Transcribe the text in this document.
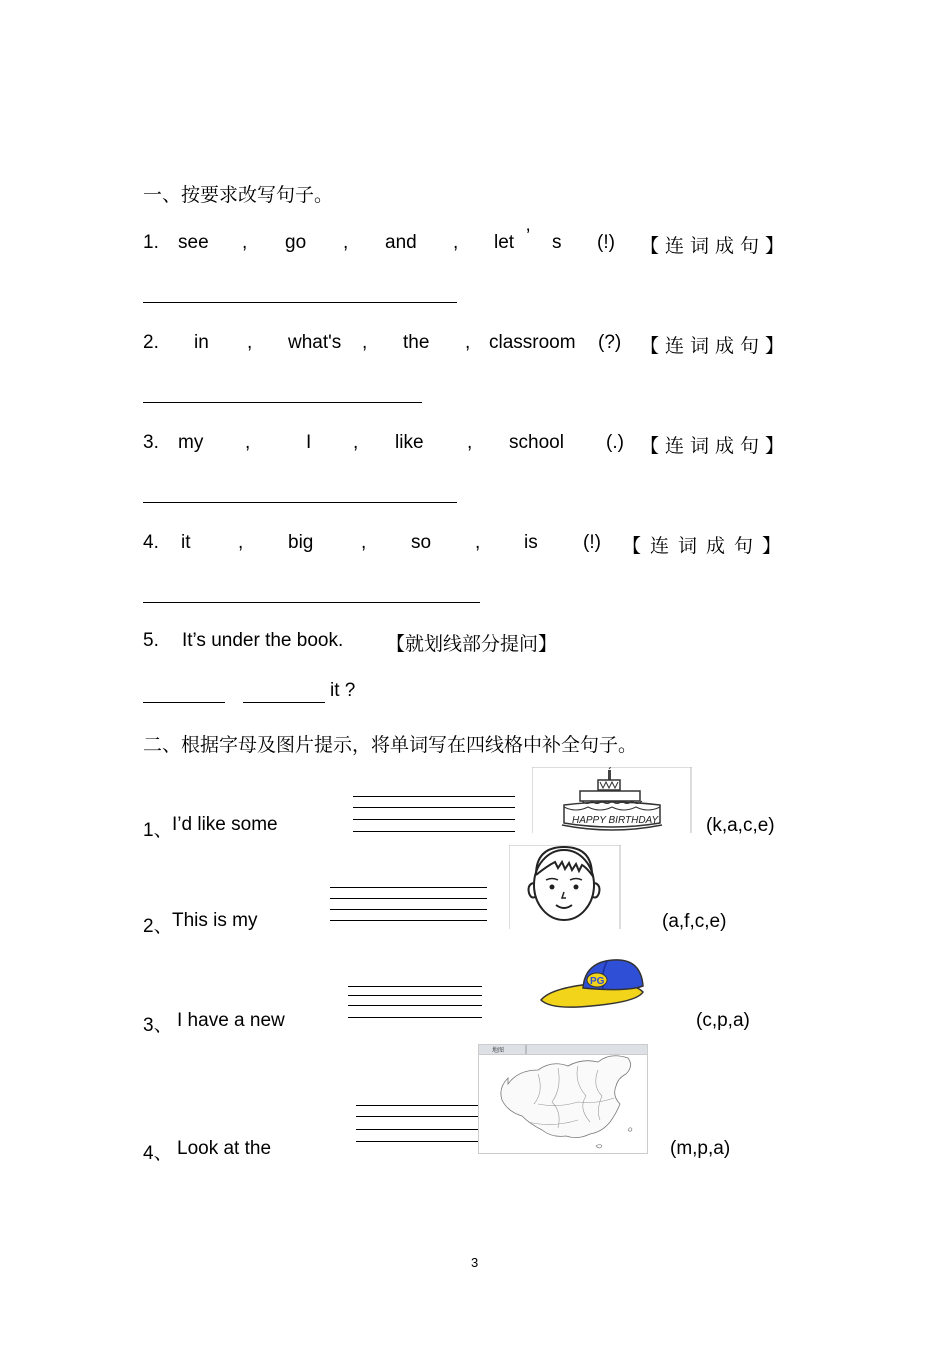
一、按要求改写句子。
1. see , go , and , let ’ s (!) 【连词成句】
2. in , what's , the , classroom (?) 【连词成句】
3. my ,	I , like , school (.) 【连词成句】
4. it	, big	, so , is (!) 【连词成句】
5. It’s under the book. 【就划线部分提问】
it ?
二、根据字母及图片提示，将单词写在四线格中补全句子。
1、 I’d like some	HAPPY BIRTHDAY	(k,a,c,e)
2、 This is my	(a,f,c,e)
3、 I have a new
PG
(c,p,a)
4、 Look at the
地图
(m,p,a)
3
